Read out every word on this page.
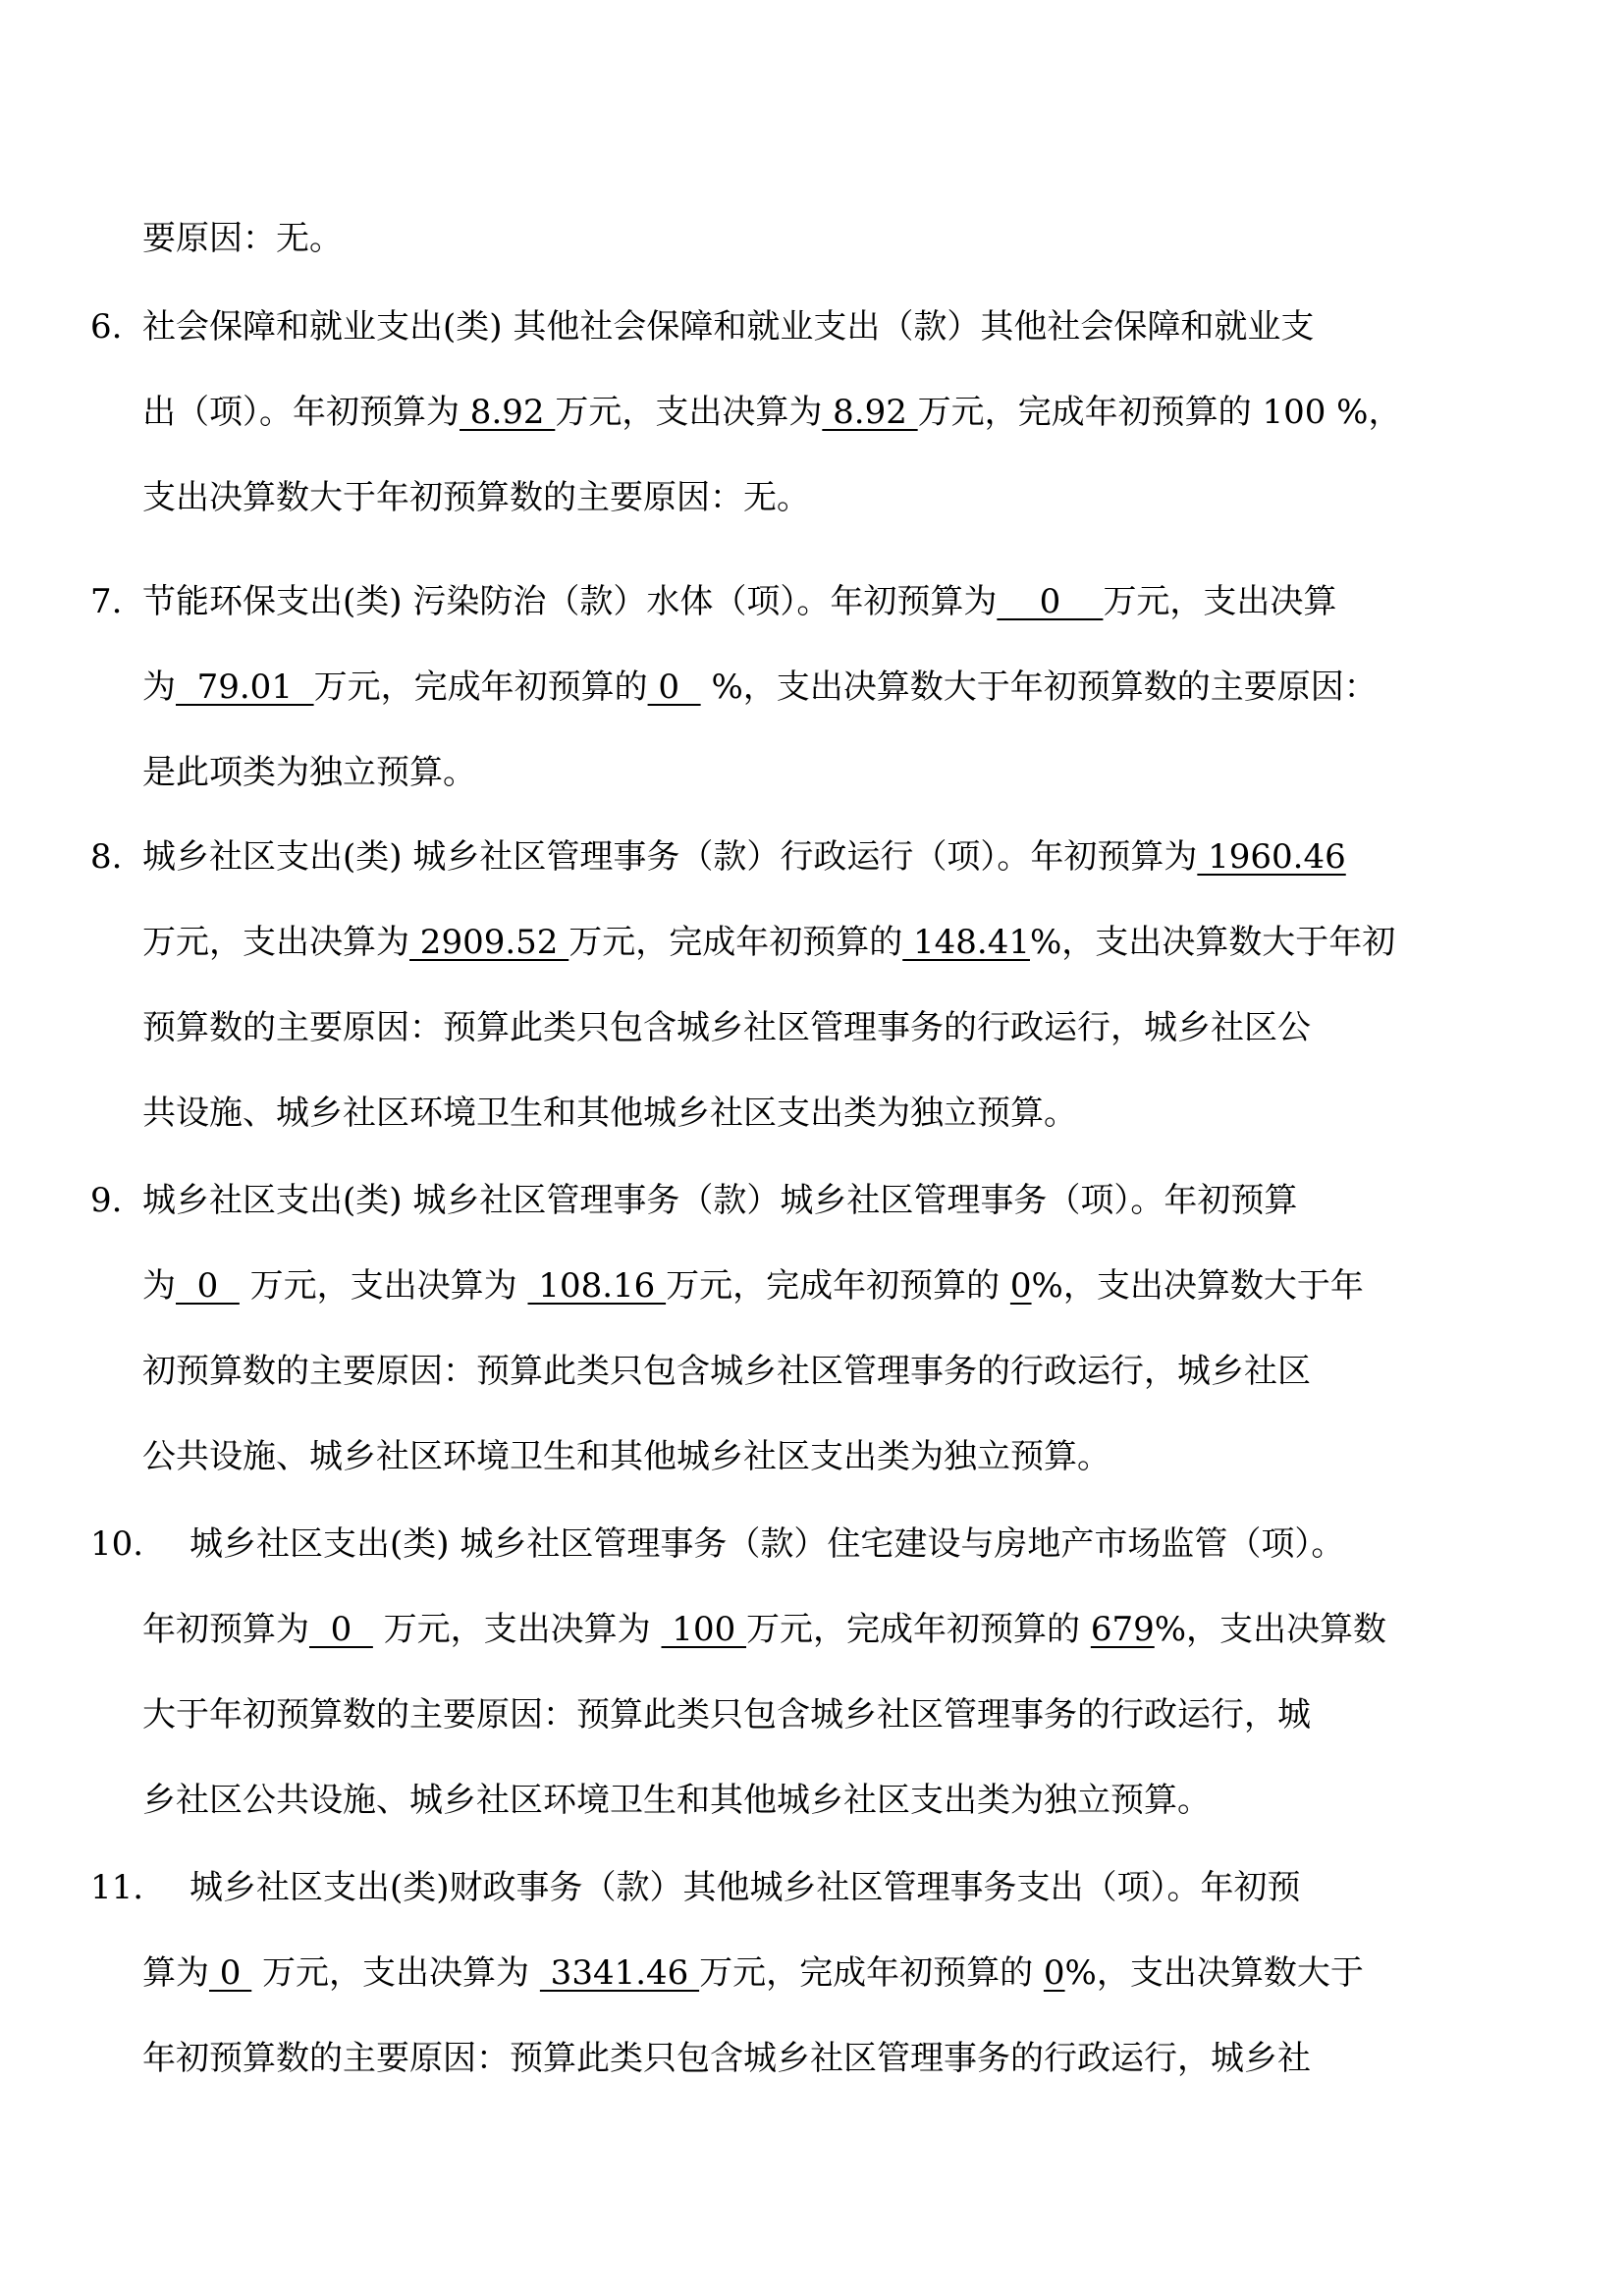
要原因：无。
6. 社会保障和就业支出(类) 其他社会保障和就业支出（款）其他社会保障和就业支
出（项）。年初预算为 8.92 万元，支出决算为 8.92 万元，完成年初预算的 100 %，
支出决算数大于年初预算数的主要原因：无。
7. 节能环保支出(类) 污染防治（款）水体（项）。年初预算为    0    万元，支出决算
为  79.01  万元，完成年初预算的 0   %，支出决算数大于年初预算数的主要原因：
是此项类为独立预算。
8. 城乡社区支出(类) 城乡社区管理事务（款）行政运行（项）。年初预算为 1960.46
万元，支出决算为 2909.52 万元，完成年初预算的 148.41%，支出决算数大于年初
预算数的主要原因：预算此类只包含城乡社区管理事务的行政运行，城乡社区公
共设施、城乡社区环境卫生和其他城乡社区支出类为独立预算。
9. 城乡社区支出(类) 城乡社区管理事务（款）城乡社区管理事务（项）。年初预算
为  0   万元，支出决算为  108.16 万元，完成年初预算的 0%，支出决算数大于年
初预算数的主要原因：预算此类只包含城乡社区管理事务的行政运行，城乡社区
公共设施、城乡社区环境卫生和其他城乡社区支出类为独立预算。
10.	城乡社区支出(类) 城乡社区管理事务（款）住宅建设与房地产市场监管（项）。
年初预算为  0   万元，支出决算为  100 万元，完成年初预算的 679%，支出决算数
大于年初预算数的主要原因：预算此类只包含城乡社区管理事务的行政运行，城
乡社区公共设施、城乡社区环境卫生和其他城乡社区支出类为独立预算。
11.	城乡社区支出(类)财政事务（款）其他城乡社区管理事务支出（项）。年初预
算为 0  万元，支出决算为  3341.46 万元，完成年初预算的 0%，支出决算数大于
年初预算数的主要原因：预算此类只包含城乡社区管理事务的行政运行，城乡社
